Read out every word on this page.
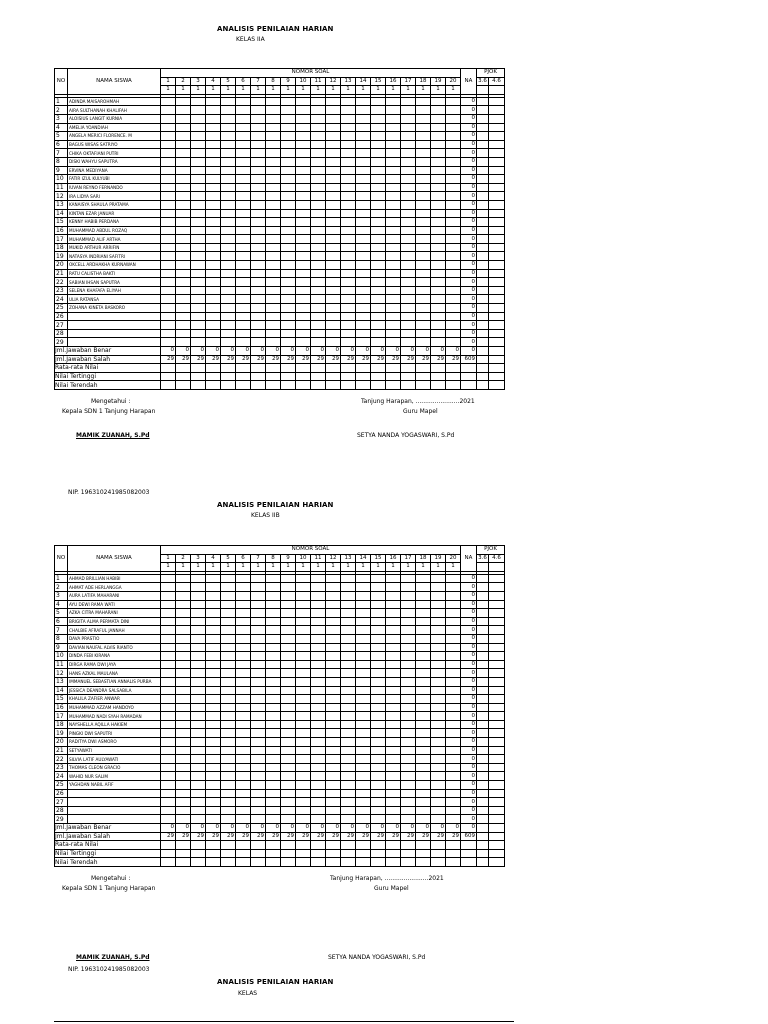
ANALISIS PENILAIAN HARIAN
KELAS IIA
NO	NAMA SISWA	NOMOR SOAL																					PJOK	
		1	2	3	4	5	6	7	8	9	10	11	12	13	14	15	16	17	18	19	20	NA	3.6	4.6
		1	1	1	1	1	1	1	1	1	1	1	1	1	1	1	1	1	1	1	1			

1	ADINDA MAISAROHMAH																					0		
2	AIRA SULTHANAH KHALIFAH																					0		
3	ALOISIUS LANGIT KURNIA																					0		
4	AMELIA YOANDIAH																					0		
5	ANGELA MERICI FLORENCE. M																					0		
6	BAGUS WISAS SATRIYO																					0		
7	CHIKA OKTAFIANI PUTRI																					0		
8	DISKI WAHYU SAPUTRA																					0		
9	ERVINA MEDIYANA																					0		
10	FATIR IZUL KULYUBI																					0		
11	IUVAN REYNO FERNANDO																					0		
12	IRA LIDYA SARI																					0		
13	KANAISYA SHAULA PRATAMA																					0		
14	KINTAN EZAR JANUAR																					0		
15	KENNY HABIB PERDANA																					0		
16	MUHAMMAD ABDUL ROZAQ																					0		
17	MUHAMMAD ALIF ARTHA																					0		
18	MUKID ARTHUR ARRIFIN																					0		
19	NATASYA INDRIANI SAFITRI																					0		
20	OKCELL ARDHAKHA KURNAWAN																					0		
21	RATU CALISTHA BAKTI																					0		
22	SABIAN IHSAN SAPUTRA																					0		
23	SELENA KHAFAFA ELIYAH																					0		
24	ULIA RATANSA																					0		
25	ZOHANA KINETA BASKORO																					0		
26																						0		
27																						0		
28																						0		
29																						0		
Jml.Jawaban Benar		0	0	0	0	0	0	0	0	0	0	0	0	0	0	0	0	0	0	0	0	0		
Jml.Jawaban Salah		29	29	29	29	29	29	29	29	29	29	29	29	29	29	29	29	29	29	29	29	609		
Rata-rata Nilai																								
Nilai Tertinggi																								
Nilai Terendah																								
Mengetahui :
Kepala SDN 1 Tanjung Harapan
Tanjung Harapan, .......................2021
Guru Mapel
MAMIK ZUANAH, S.Pd	SETYA NANDA YOGASWARI, S.Pd
NIP. 196310241985082003
ANALISIS PENILAIAN HARIAN
KELAS IIB
NO	NAMA SISWA	NOMOR SOAL																					PJOK	
		1	2	3	4	5	6	7	8	9	10	11	12	13	14	15	16	17	18	19	20	NA	3.6	4.6
		1	1	1	1	1	1	1	1	1	1	1	1	1	1	1	1	1	1	1	1			

1	AHMAD BRILLIAN HABIBI																					0		
2	AHMAT ADE HERLANGGA																					0		
3	AURA LATIFA MAHARANI																					0		
4	AYU DEWI RAMA WATI																					0		
5	AZKA CITRA MAHARANI																					0		
6	BRIGITA ALMA PERMATA DINI																					0		
7	CHALBIE AFRAFUL JANNAH																					0		
8	DAVA PRASTIO																					0		
9	DAVIAN NAUFAL ALVIS RIANTO																					0		
10	DINDA FEBI KIRANA																					0		
11	DIRGA RAMA DWI JAYA																					0		
12	HANS AZKAL MAULANA																					0		
13	IMMANUEL SEBASTIAN ANNALIS PURBA																					0		
14	JESSICA DEANDRA SALSABILA																					0		
15	KHALILA ZAFIER ANWAR																					0		
16	MUHAMMAD AZZAM HANDOYO																					0		
17	MUHAMMAD NADI SYAH RAMADAN																					0		
18	NAYSHELLA AQILLA HAKIEM																					0		
19	PINGKI DWI SAPUTRI																					0		
20	RADITYA DWI ASMORO																					0		
21	SETYAWATI																					0		
22	SILVIA LATIF AULYAWATI																					0		
23	THOMAS CLEON GRACIO																					0		
24	WAHID NUR SALIM																					0		
25	YAGHDAN NABIL AFIF																					0		
26																						0		
27																						0		
28																						0		
29																						0		
Jml.Jawaban Benar		0	0	0	0	0	0	0	0	0	0	0	0	0	0	0	0	0	0	0	0	0		
Jml.Jawaban Salah		29	29	29	29	29	29	29	29	29	29	29	29	29	29	29	29	29	29	29	29	609		
Rata-rata Nilai																								
Nilai Tertinggi																								
Nilai Terendah																								
Mengetahui :
Kepala SDN 1 Tanjung Harapan
Tanjung Harapan, .......................2021
Guru Mapel
MAMIK ZUANAH, S.Pd	SETYA NANDA YOGASWARI, S.Pd
NIP. 196310241985082003
ANALISIS PENILAIAN HARIAN
KELAS
